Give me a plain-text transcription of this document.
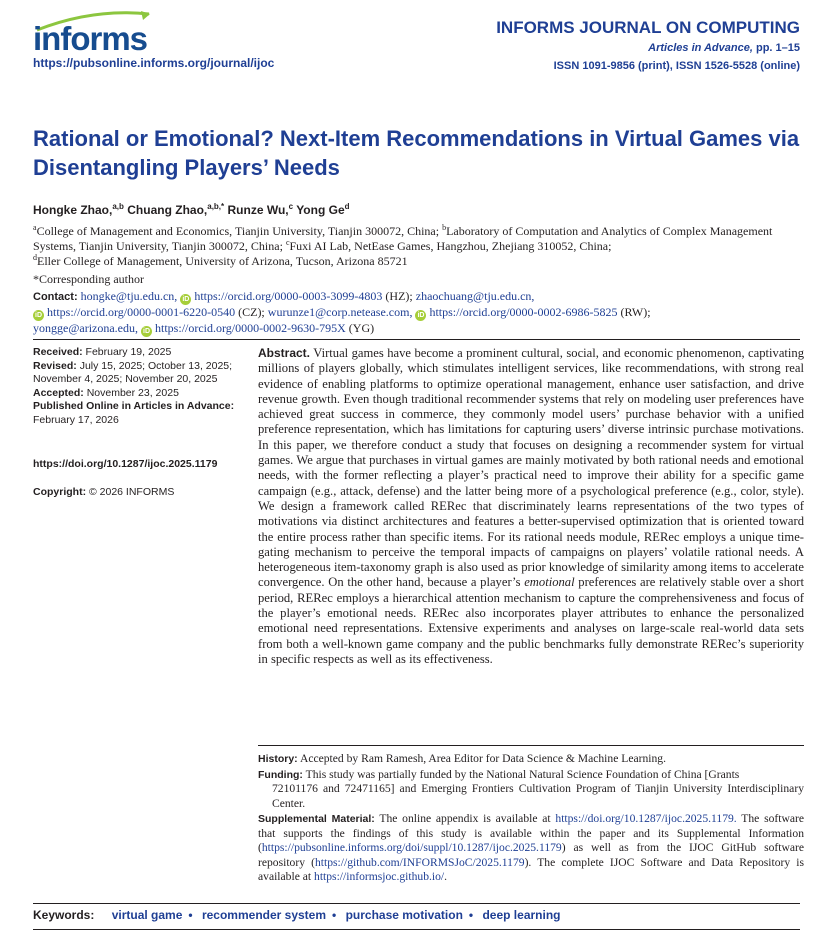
informs
https://pubsonline.informs.org/journal/ijoc
INFORMS JOURNAL ON COMPUTING
Articles in Advance, pp. 1–15
ISSN 1091-9856 (print), ISSN 1526-5528 (online)
Rational or Emotional? Next-Item Recommendations in Virtual Games via Disentangling Players’ Needs
Hongke Zhao,$^{a,b}$ Chuang Zhao,$^{a,b,*}$ Runze Wu,$^c$ Yong Ge$^d$
$^a$College of Management and Economics, Tianjin University, Tianjin 300072, China; $^b$Laboratory of Computation and Analytics of Complex Management Systems, Tianjin University, Tianjin 300072, China; $^c$Fuxi AI Lab, NetEase Games, Hangzhou, Zhejiang 310052, China;
$^d$Eller College of Management, University of Arizona, Tucson, Arizona 85721
*Corresponding author
Contact: hongke@tju.edu.cn, iD https://orcid.org/0000-0003-3099-4803 (HZ); zhaochuang@tju.edu.cn,
iD https://orcid.org/0000-0001-6220-0540 (CZ); wurunze1@corp.netease.com, iD https://orcid.org/0000-0002-6986-5825 (RW);
yongge@arizona.edu, iD https://orcid.org/0000-0002-9630-795X (YG)
Received: February 19, 2025
Revised: July 15, 2025; October 13, 2025;
November 4, 2025; November 20, 2025
Accepted: November 23, 2025
Published Online in Articles in Advance:
February 17, 2026
https://doi.org/10.1287/ijoc.2025.1179
Copyright: © 2026 INFORMS
Abstract. Virtual games have become a prominent cultural, social, and economic phenomenon, captivating millions of players globally, which stimulates intelligent services, like recommendations, with strong real evidence of enabling platforms to optimize operational management, enhance user satisfaction, and drive revenue growth. Even though traditional recommender systems that rely on modeling user preferences have achieved great success in commerce, they commonly model users’ purchase behavior with a unified preference representation, which has limitations for capturing users’ diverse intrinsic purchase motivations. In this paper, we therefore conduct a study that focuses on designing a recommender system for virtual games. We argue that purchases in virtual games are mainly motivated by both rational needs and emotional needs, with the former reflecting a player’s practical need to improve their ability for a specific game campaign (e.g., attack, defense) and the latter being more of a psychological preference (e.g., color, style). We design a framework called RERec that discriminately learns representations of the two types of motivations via distinct architectures and features a better-supervised optimization that is oriented toward the entire process rather than specific items. For its rational needs module, RERec employs a unique time-gating mechanism to perceive the temporal impacts of campaigns on players’ volatile rational needs. A heterogeneous item-taxonomy graph is also used as prior knowledge of similarity among items to accelerate convergence. On the other hand, because a player’s emotional preferences are relatively stable over a short period, RERec employs a hierarchical attention mechanism to capture the comprehensiveness and focus of the player’s emotional needs. RERec also incorporates player attributes to enhance the personalized emotional need representations. Extensive experiments and analyses on large-scale real-world data sets from both a well-known game company and the public benchmarks fully demonstrate RERec’s superiority in specific respects as well as its effectiveness.
History: Accepted by Ram Ramesh, Area Editor for Data Science & Machine Learning.
Funding: This study was partially funded by the National Natural Science Foundation of China [Grants
72101176 and 72471165] and Emerging Frontiers Cultivation Program of Tianjin University Interdisciplinary Center.
Supplemental Material: The online appendix is available at https://doi.org/10.1287/ijoc.2025.1179. The software that supports the findings of this study is available within the paper and its Supplemental Information (https://pubsonline.informs.org/doi/suppl/10.1287/ijoc.2025.1179) as well as from the IJOC GitHub software repository (https://github.com/INFORMSJoC/2025.1179). The complete IJOC Software and Data Repository is available at https://informsjoc.github.io/.
Keywords: virtual game • recommender system • purchase motivation • deep learning
